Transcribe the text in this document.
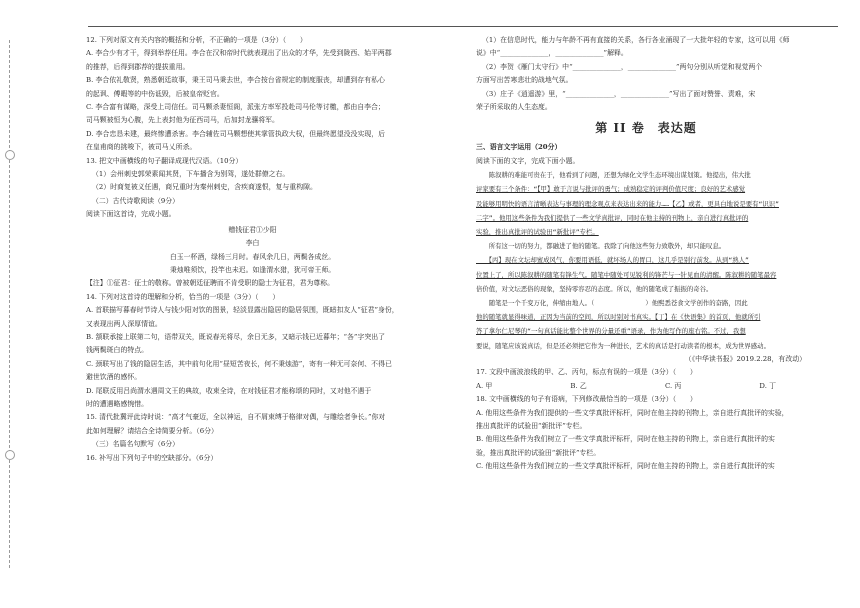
12. 下列对原文有关内容的概括和分析，不正确的一项是（3分）（　　）
A. 李合少有才干，得到举荐任用。李合在汉和帝时代就表现出了出众的才华，先受到陇西、始平两郡
的推荐，后得到郡荐的提拔重用。
B. 李合依礼敬贤，熟悉朝廷故事，秉王司马秉去世，李合按台省规定的制度服丧，却遭到存有私心
的起讽、傅暇等的中伤诋毁，后被皇帝贬官。
C. 李合富有谋略，深受上司信任。司马颗杀妻恒阁，派张方率军投赴司马伦等讨檄，都由自李合；
司马颗被恒为心腹，先上表封他为征西司马，后加封龙骧将军。
D. 李合忠恳未建，最终惨遭杀害。李合辅佐司马颗想使其掌管执政大权，但最终愿望没没实现，后
在皇甫商的挑唆下，被司马乂所杀。
13. 把文中画横线的句子翻译成现代汉语。（10分）
（1）会州刺史郭荣素闻其贤，下车播含为别驾，遂处群僚之右。
（2）时商复被义任遇，商兄重时为秦州刺史，含疾商遂恨，复与重构隙。
（二）古代诗歌阅读（9分）
阅读下面这首诗，完成小题。
赠钱征君①少阳
李白
白玉一杯酒，绿杨三月时。春风余几日，两鬓各成丝。
秉烛唯须饮，投竿也未迟。如逢渭水猎，犹可帝王师。
【注】①征君：征士的敬称。曾被朝廷征聘而不肯受职的隐士为征君，君为尊称。
14. 下列对这首诗的理解和分析，恰当的一项是（3分）（　　）
A. 首联描写暮春时节诗人与钱少阳对饮的图景，轻淡显露出隐居的隐居氛围，既暗扣友人“征君”身份，
又表现出两人深厚情谊。
B. 颔联承接上联第二句，语带双关，既说春光将尽，余日无多，又暗示钱已近暮年；“各”字突出了
钱两鬓斑白的特点。
C. 颈联写出了钱的隐居生活，其中前句化用“昼短苦夜长，何不秉烛游”，寄有一种无可奈何、不得已
避世饮酒的感怀。
D. 尾联反用吕尚渭水遇周文王的典故，收束全诗，在对钱征君才能称颂的同时，又对他不遇于
时的遭遇略感惋惜。
15. 清代批冀评此诗时说：“高才气豪迈，全以神运，自不屑束缚于格律对偶，与雕绘者争长。”你对
此如何理解？请结合全诗简要分析。（6分）
（三）名篇名句默写（6分）
16. 补写出下列句子中的空缺部分。（6分）
（1）在信息时代，能力与年龄不再有直接的关系，各行各业涌现了一大批年轻的专家，这可以用《师
说》中“______________，______________”解释。
（2）李贺《雁门太守行》中“______________，______________”两句分别从听觉和视觉两个
方面写出苦寒悲壮的战地气氛。
（3）庄子《逍遥游》里，“______________，______________”写出了面对赞誉、责难，宋
荣子所采取的人生态度。
第 II 卷　表达题
三、语言文字运用（20分）
阅读下面的文字，完成下面小题。
　　陈叙耕的难能可贵在于，他看到了问题，还想为绿化文学生态环境出谋划策。他提出，伟大批
评家要有三个条件：“【甲】敢于言说与批评的勇气；成熟稳定的评判价值尺度；良好的艺术感觉
及能够用明快的语言清晰表达与事理的理念观点来表达出来的能力……【乙】或者，更具白地说是要有“识识”
二字”。他用这些条件为我们提供了一些文学真批评，同时在他主持的刊物上，亲自进行真批评的
实验，推出真批评的试验田“新批评”专栏。
　　所有这一切的努力，都融进了他的随笔。我除了向他这些努力致敬外，却只能叹息。
　　【丙】现在文坛却蜜成风气，你要用语低，就坏场人的胃口，这几乎是别行前发。从到“熟人”
位置上了，所以陈叙耕的随笔有锋生气。随笔中随处可见锐利的锋芒与一针见血的清醒。陈叙耕的随笔最容
倍价值，对文坛恶俗的现象，坚持零容忍的态度。所以，他的随笔成了振振的奇谷。
　　随笔是一个千变万化，伸缩由地人。（　　　　　　　　）他熙悉苍食文学创作的奋路，因此
他的随笔就显得味道，正因为当前的空间，所以时别对书真实。【丁】在《快语集》的首页，他就所引
答了拿尔仁尼琴的“一句真话能比整个世界的分量还重”语录，作为他写作的座右铭。不过，我想
要说，随笔应该说真话，但是还必须把它作为一种进长，艺术的真话是打动读者的根本，成为世界感动。
（《中华读书报》2019.2.28，有改动）
17. 文段中画波浪线的甲、乙、丙句，标点有误的一项是（3分）（　　）
A. 甲	B. 乙	C. 丙	D. 丁
18. 文中画横线的句子有语病，下列修改最恰当的一项是（3分）（　　）
A. 他用这些条件为我们提供的一些文学真批评标杆，同时在他主持的刊物上，亲自进行真批评的实验，
推出真批评的试验田“新批评”专栏。
B. 他用这些条件为我们树立了一些文学真批评标杆，同时在他主持的刊物上，亲自进行真批评的实
验，推出真批评的试验田“新批评”专栏。
C. 他用这些条件为我们树立的一些文学真批评标杆，同时在他主持的刊物上，亲自进行真批评的实
